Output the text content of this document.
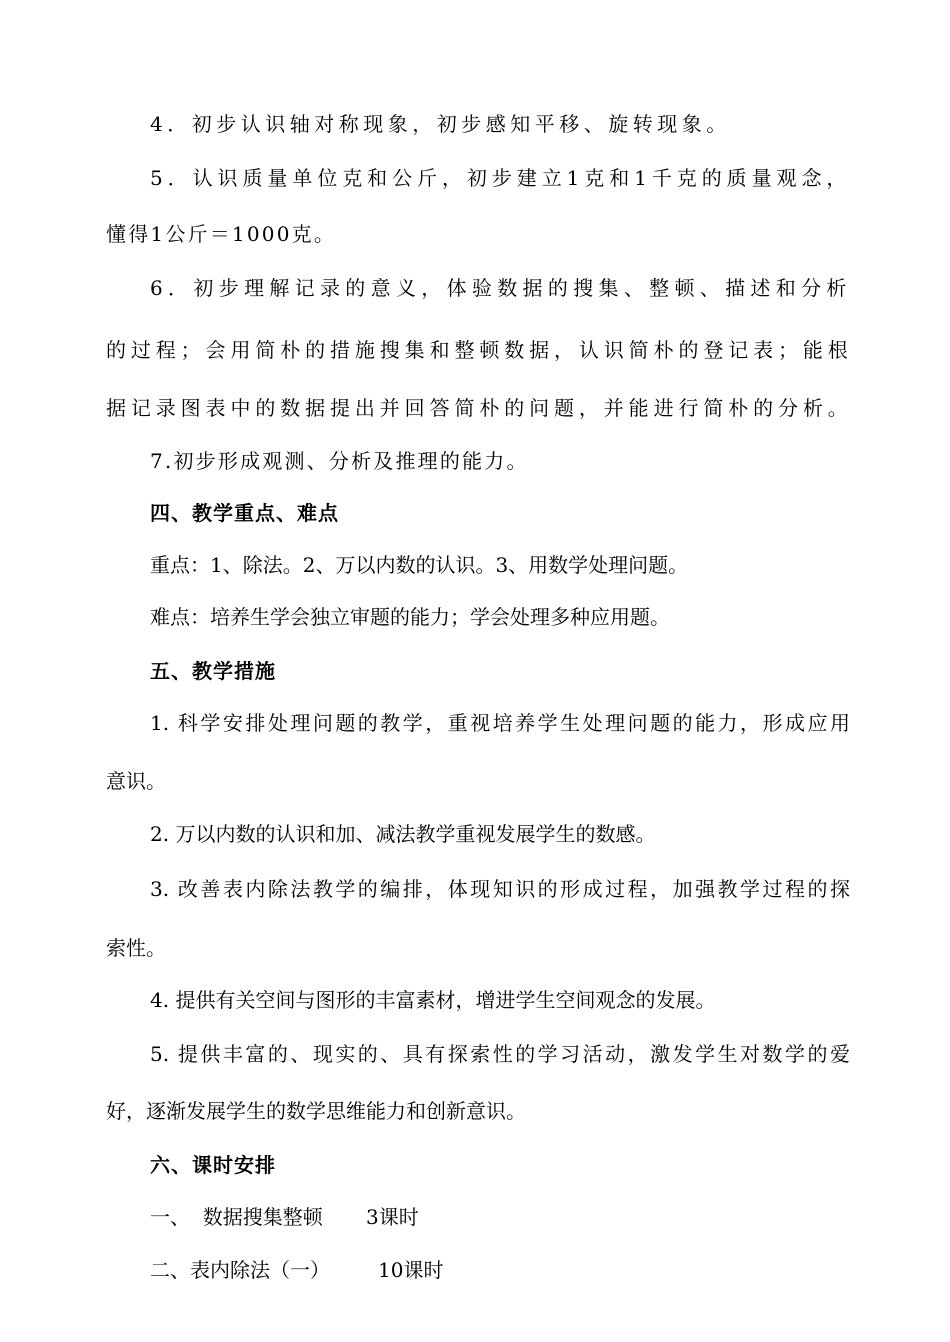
4．初步认识轴对称现象，初步感知平移、旋转现象。
5．认识质量单位克和公斤，初步建立1克和1千克的质量观念，
懂得1公斤＝1000克。
6．初步理解记录的意义，体验数据的搜集、整顿、描述和分析
的过程；会用简朴的措施搜集和整顿数据，认识简朴的登记表；能根
据记录图表中的数据提出并回答简朴的问题，并能进行简朴的分析。
7.初步形成观测、分析及推理的能力。
四、教学重点、难点
重点：1、除法。2、万以内数的认识。3、用数学处理问题。
难点：培养生学会独立审题的能力；学会处理多种应用题。
五、教学措施
1. 科学安排处理问题的教学，重视培养学生处理问题的能力，形成应用
意识。
2. 万以内数的认识和加、减法教学重视发展学生的数感。
3. 改善表内除法教学的编排，体现知识的形成过程，加强教学过程的探
索性。
4. 提供有关空间与图形的丰富素材，增进学生空间观念的发展。
5. 提供丰富的、现实的、具有探索性的学习活动，激发学生对数学的爱
好，逐渐发展学生的数学思维能力和创新意识。
六、课时安排
一、  数据搜集整顿 3课时
二、表内除法（一） 10课时
